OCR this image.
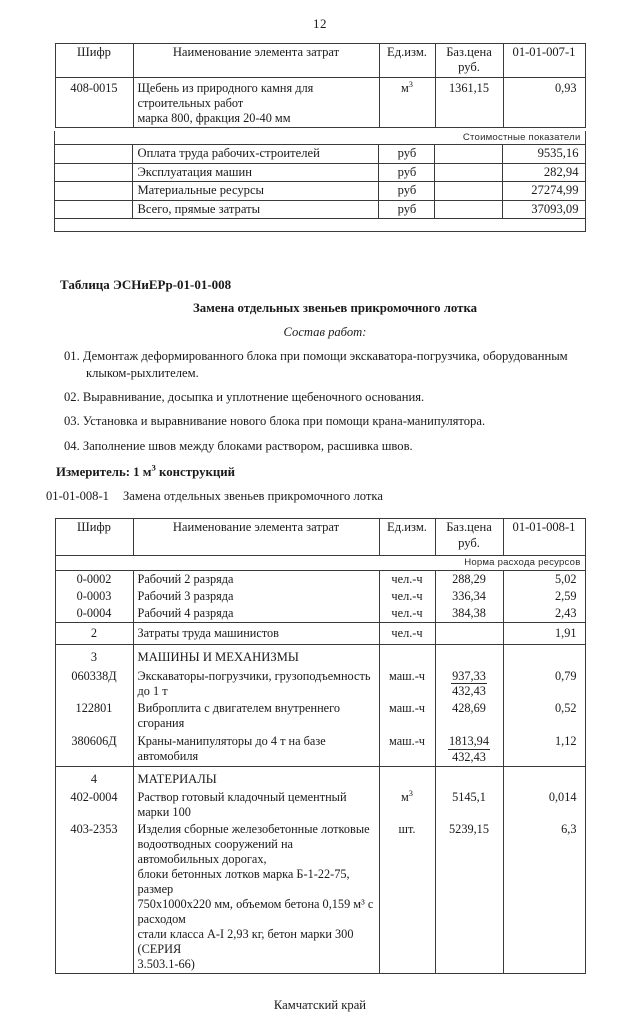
12
Шифр	Наименование элемента затрат	Ед.изм.	Баз.цена
руб.	01-01-007-1
408-0015	Щебень из природного камня для строительных работ
марка 800, фракция 20-40 мм	$м^3$	1361,15	0,93
Стоимостные показатели				
	Оплата труда рабочих-строителей	руб		9535,16
	Эксплуатация машин	руб		282,94
	Материальные ресурсы	руб		27274,99
	Всего, прямые затраты	руб		37093,09

Таблица ЭСНиЕРр-01-01-008
Замена отдельных звеньев прикромочного лотка
Состав работ:
01. Демонтаж деформированного блока при помощи экскаватора-погрузчика, оборудованным клыком-рыхлителем.
02. Выравнивание, досыпка и уплотнение щебеночного основания.
03. Установка и выравнивание нового блока при помощи крана-манипулятора.
04. Заполнение швов между блоками раствором, расшивка швов.
Измеритель: 1 $м^3$ конструкций
01-01-008-1 Замена отдельных звеньев прикромочного лотка
Шифр	Наименование элемента затрат	Ед.изм.	Баз.цена
руб.	01-01-008-1
Норма расхода ресурсов				
0-0002	Рабочий 2 разряда	чел.-ч	288,29	5,02
0-0003	Рабочий 3 разряда	чел.-ч	336,34	2,59
0-0004	Рабочий 4 разряда	чел.-ч	384,38	2,43
2	Затраты труда машинистов	чел.-ч		1,91
3	МАШИНЫ И МЕХАНИЗМЫ			
060338Д	Экскаваторы-погрузчики, грузоподъемность до 1 т	маш.-ч	$\frac{937,33}{432,43}$	0,79
122801	Виброплита с двигателем внутреннего сгорания	маш.-ч	428,69	0,52
380606Д	Краны-манипуляторы до 4 т на базе автомобиля	маш.-ч	$\frac{1813,94}{432,43}$	1,12
4	МАТЕРИАЛЫ			
402-0004	Раствор готовый кладочный цементный марки 100	$м^3$	5145,1	0,014
403-2353	Изделия сборные железобетонные лотковые
водоотводных сооружений на автомобильных дорогах,
блоки бетонных лотков марка Б-1-22-75, размер
750х1000х220 мм, объемом бетона 0,159 м³ с расходом
стали класса А-I 2,93 кг, бетон марки 300 (СЕРИЯ
3.503.1-66)	шт.	5239,15	6,3
Камчатский край
